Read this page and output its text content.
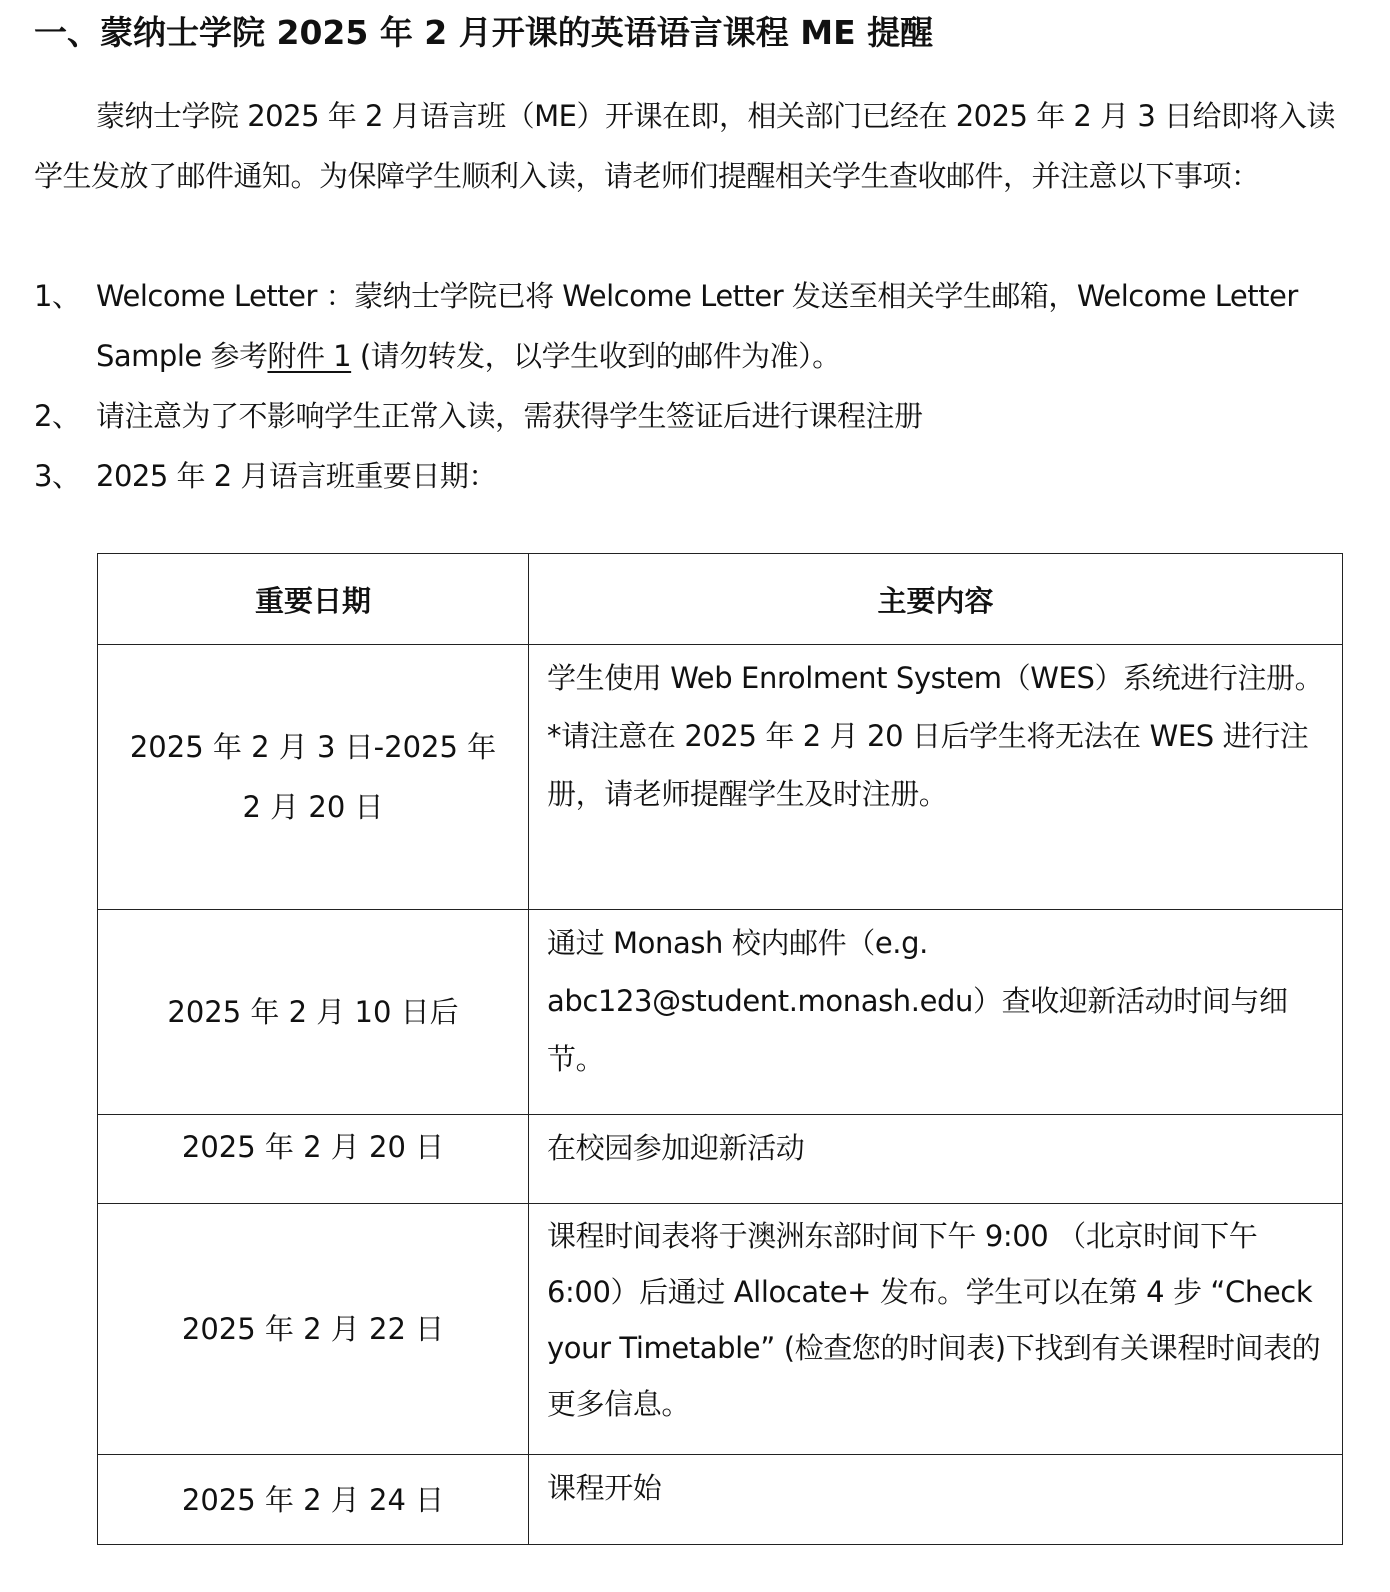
一、蒙纳士学院 2025 年 2 月开课的英语语言课程 ME 提醒
蒙纳士学院 2025 年 2 月语言班（ME）开课在即，相关部门已经在 2025 年 2 月 3 日给即将入读学生发放了邮件通知。为保障学生顺利入读，请老师们提醒相关学生查收邮件，并注意以下事项：
1、 Welcome Letter ：蒙纳士学院已将 Welcome Letter 发送至相关学生邮箱，Welcome Letter Sample 参考附件 1 (请勿转发，以学生收到的邮件为准）。
2、 请注意为了不影响学生正常入读，需获得学生签证后进行课程注册
3、 2025 年 2 月语言班重要日期：
重要日期	主要内容
2025 年 2 月 3 日-2025 年 2 月 20 日	学生使用 Web Enrolment System（WES）系统进行注册。

*请注意在 2025 年 2 月 20 日后学生将无法在 WES 进行注册，请老师提醒学生及时注册。

2025 年 2 月 10 日后	通过 Monash 校内邮件（e.g. abc123@student.monash.edu）查收迎新活动时间与细节。

2025 年 2 月 20 日	在校园参加迎新活动

2025 年 2 月 22 日	课程时间表将于澳洲东部时间下午 9:00 （北京时间下午 6:00）后通过 Allocate+ 发布。学生可以在第 4 步 “Check your Timetable” (检查您的时间表)下找到有关课程时间表的更多信息。

2025 年 2 月 24 日	课程开始
